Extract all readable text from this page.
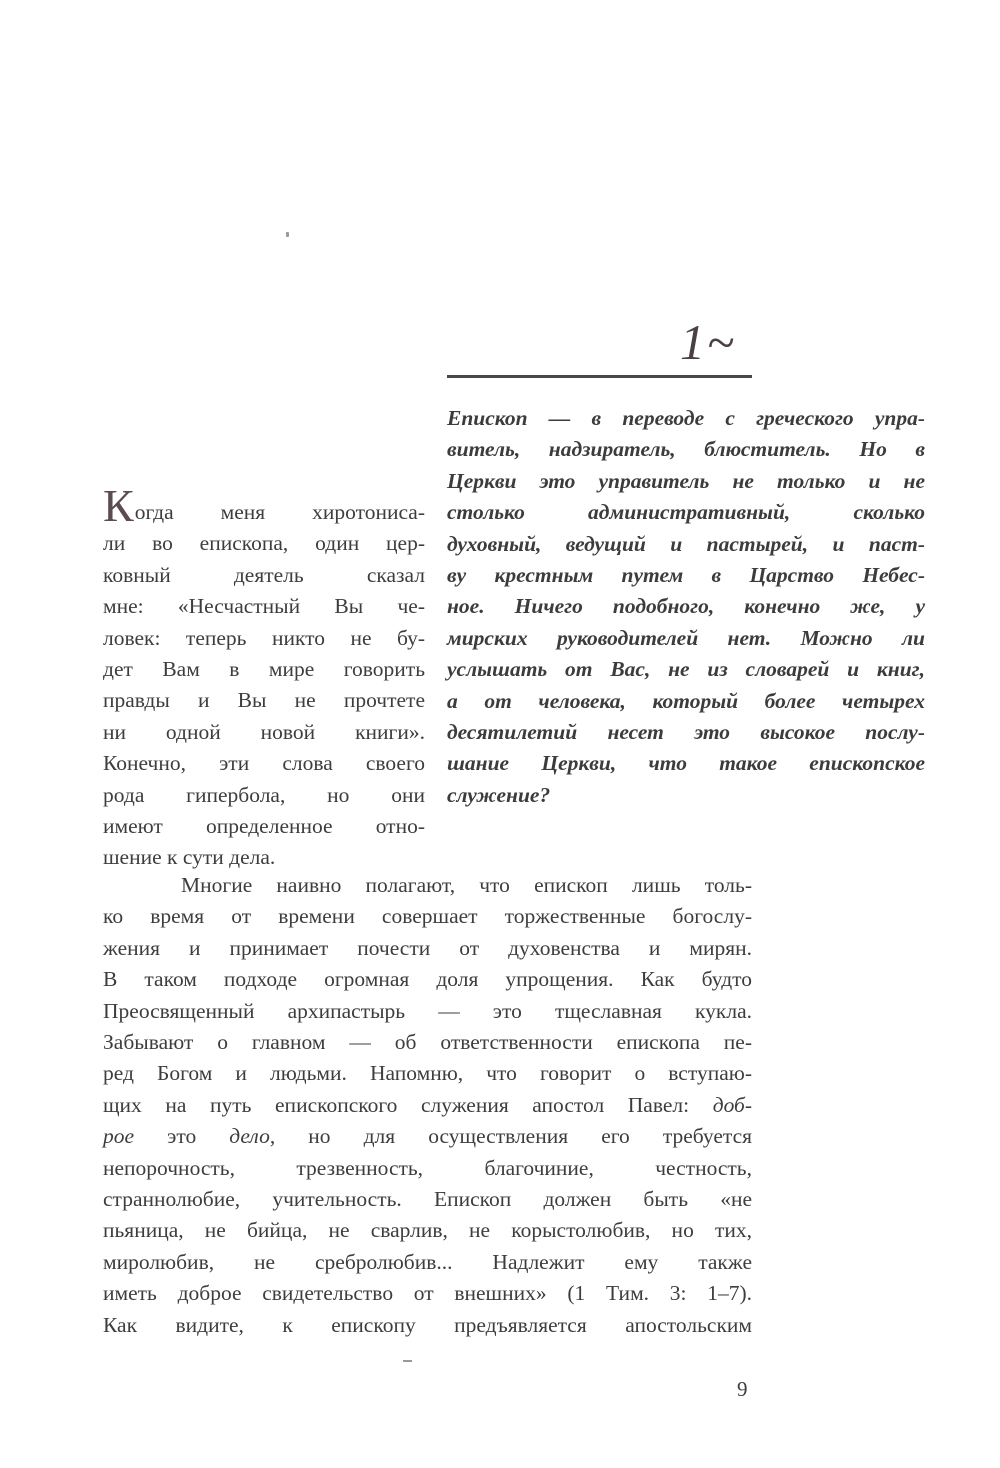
1~
Епископ — в переводе с греческого упра-
витель, надзиратель, блюститель. Но в
Церкви это управитель не только и не
столько административный, сколько
духовный, ведущий и пастырей, и паст-
ву крестным путем в Царство Небес-
ное. Ничего подобного, конечно же, у
мирских руководителей нет. Можно ли
услышать от Вас, не из словарей и книг,
а от человека, который более четырех
десятилетий несет это высокое послу-
шание Церкви, что такое епископское
служение?
Когда меня хиротониса-
ли во епископа, один цер-
ковный деятель сказал
мне: «Несчастный Вы че-
ловек: теперь никто не бу-
дет Вам в мире говорить
правды и Вы не прочтете
ни одной новой книги».
Конечно, эти слова своего
рода гипербола, но они
имеют определенное отно-
шение к сути дела.
Многие наивно полагают, что епископ лишь толь-
ко время от времени совершает торжественные богослу-
жения и принимает почести от духовенства и мирян.
В таком подходе огромная доля упрощения. Как будто
Преосвященный архипастырь — это тщеславная кукла.
Забывают о главном — об ответственности епископа пе-
ред Богом и людьми. Напомню, что говорит о вступаю-
щих на путь епископского служения апостол Павел: доб-
рое это дело, но для осуществления его требуется
непорочность, трезвенность, благочиние, честность,
страннолюбие, учительность. Епископ должен быть «не
пьяница, не бийца, не сварлив, не корыстолюбив, но тих,
миролюбив, не сребролюбив... Надлежит ему также
иметь доброе свидетельство от внешних» (1 Тим. 3: 1–7).
Как видите, к епископу предъявляется апостольским
9
